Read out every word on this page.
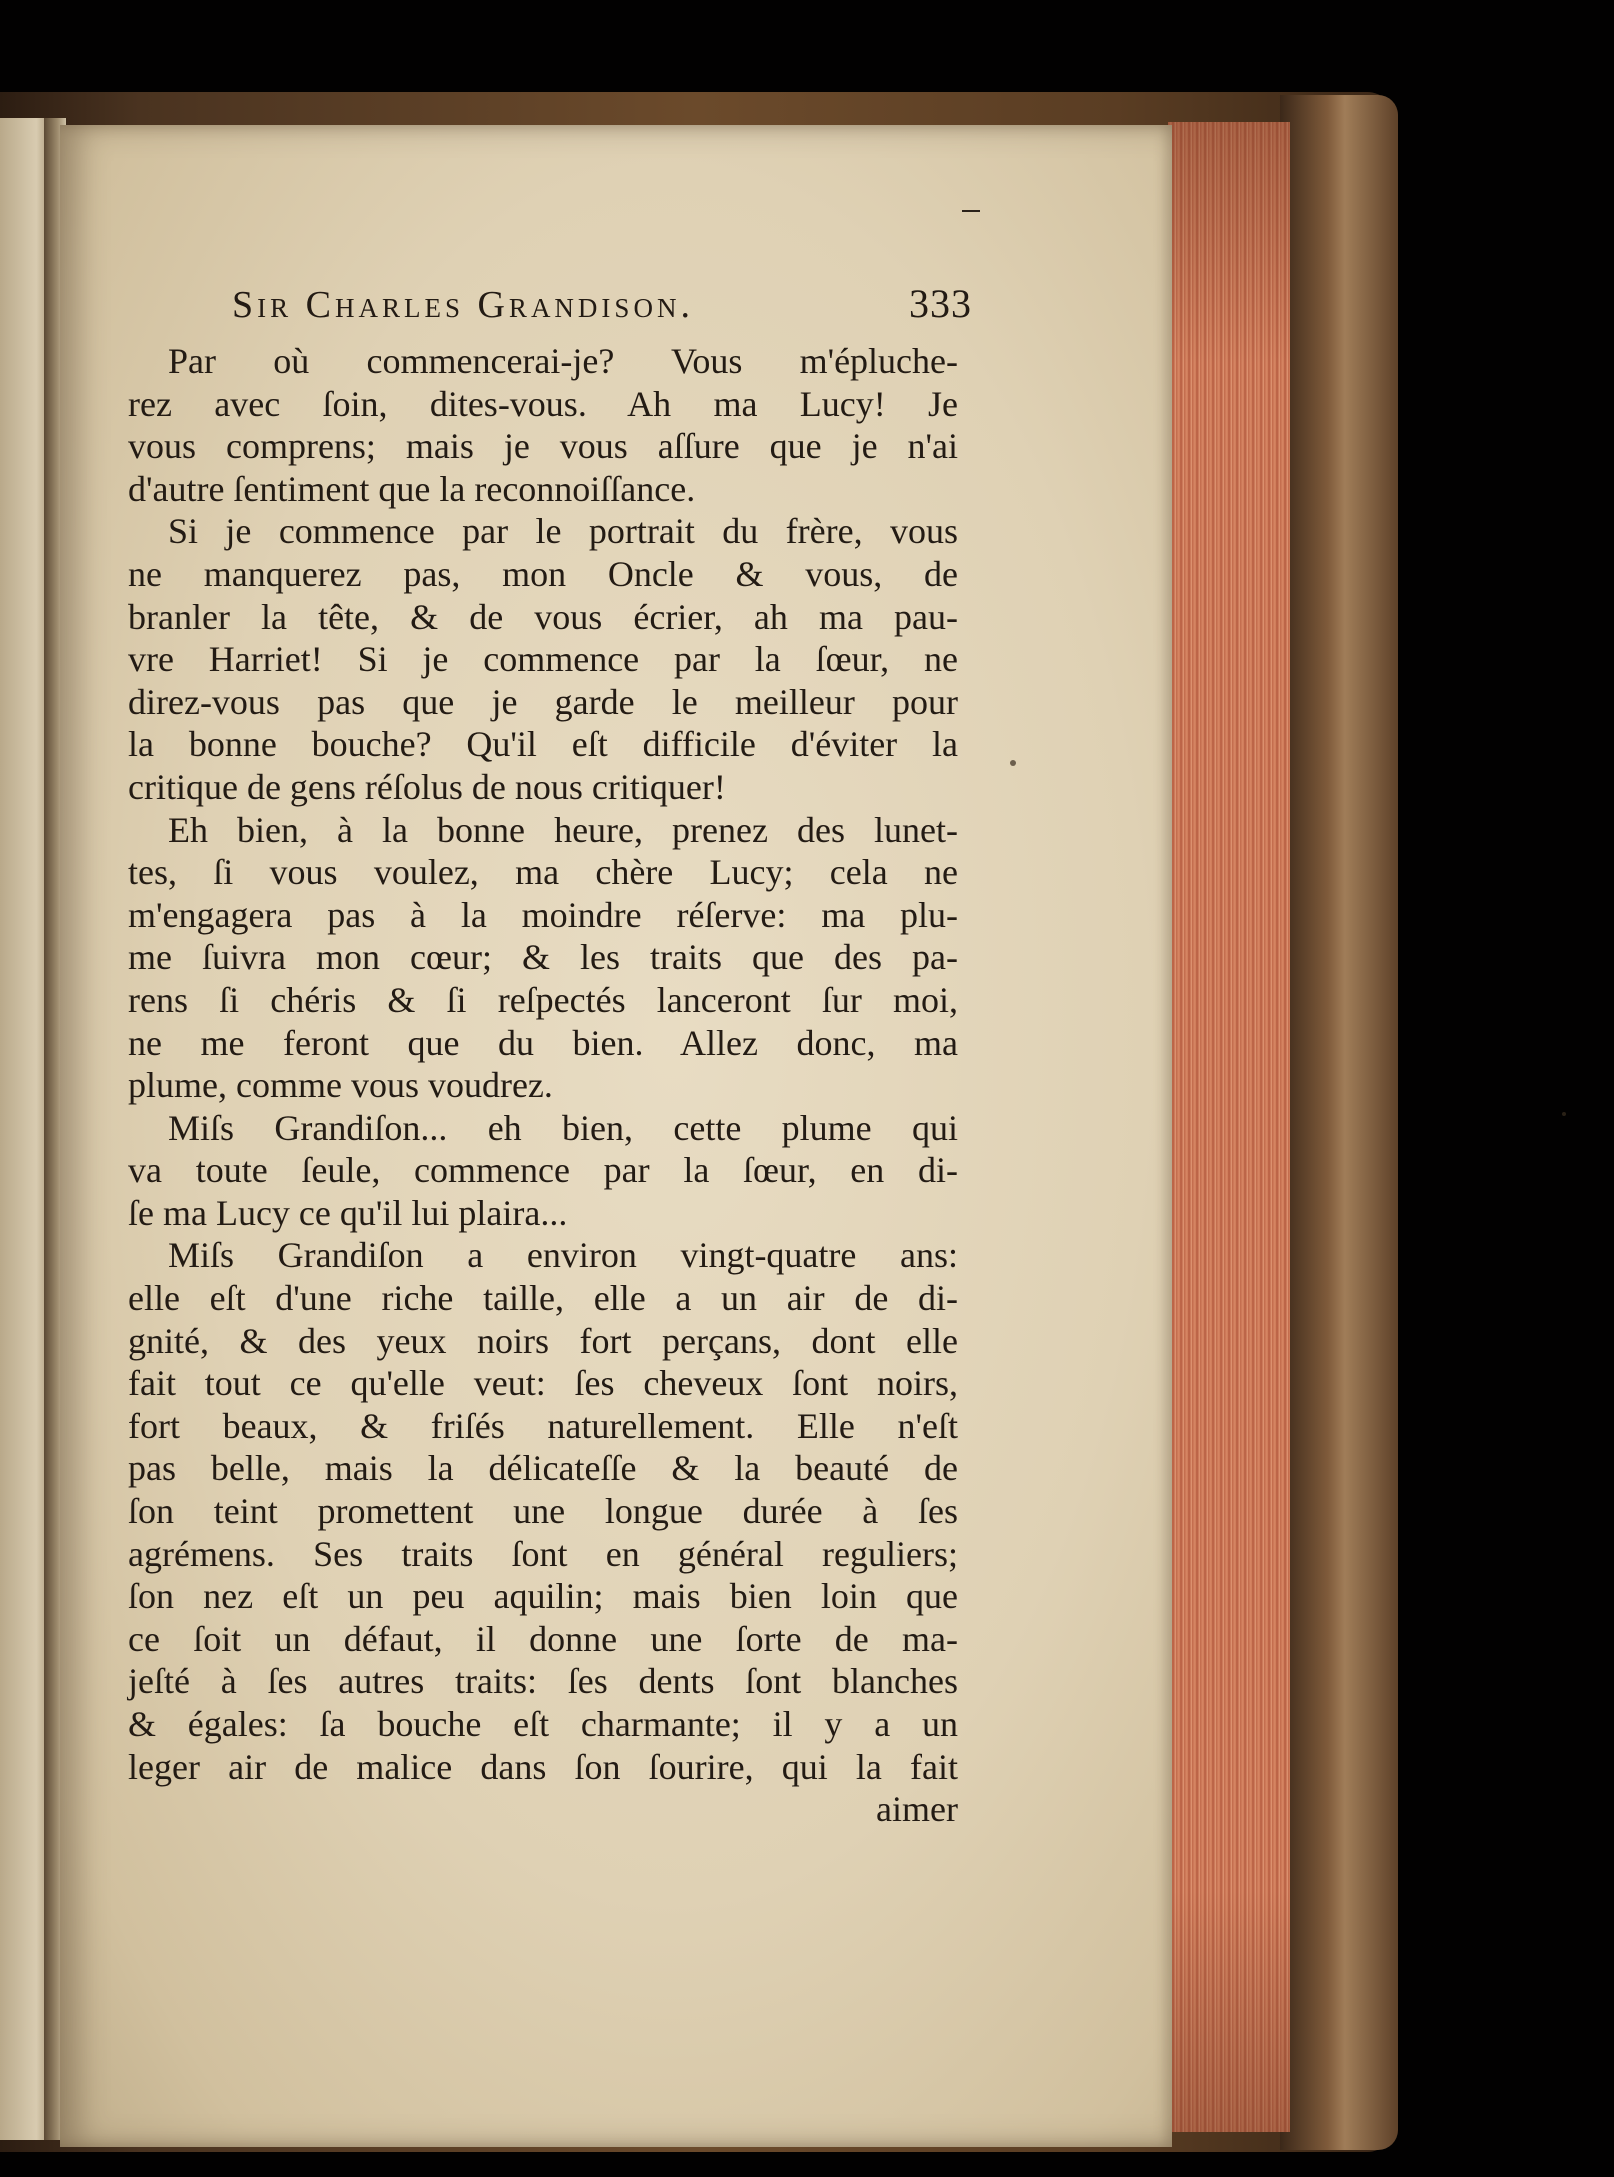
Sir Charles Grandison.	333
Par où commencerai-je? Vous m'épluche-
rez avec ſoin, dites-vous. Ah ma Lucy! Je
vous comprens; mais je vous aſſure que je n'ai
d'autre ſentiment que la reconnoiſſance.
Si je commence par le portrait du frère, vous
ne manquerez pas, mon Oncle & vous, de
branler la tête, & de vous écrier, ah ma pau-
vre Harriet! Si je commence par la ſœur, ne
direz-vous pas que je garde le meilleur pour
la bonne bouche? Qu'il eſt difficile d'éviter la
critique de gens réſolus de nous critiquer!
Eh bien, à la bonne heure, prenez des lunet-
tes, ſi vous voulez, ma chère Lucy; cela ne
m'engagera pas à la moindre réſerve: ma plu-
me ſuivra mon cœur; & les traits que des pa-
rens ſi chéris & ſi reſpectés lanceront ſur moi,
ne me feront que du bien. Allez donc, ma
plume, comme vous voudrez.
Miſs Grandiſon... eh bien, cette plume qui
va toute ſeule, commence par la ſœur, en di-
ſe ma Lucy ce qu'il lui plaira...
Miſs Grandiſon a environ vingt-quatre ans:
elle eſt d'une riche taille, elle a un air de di-
gnité, & des yeux noirs fort perçans, dont elle
fait tout ce qu'elle veut: ſes cheveux ſont noirs,
fort beaux, & friſés naturellement. Elle n'eſt
pas belle, mais la délicateſſe & la beauté de
ſon teint promettent une longue durée à ſes
agrémens. Ses traits ſont en général reguliers;
ſon nez eſt un peu aquilin; mais bien loin que
ce ſoit un défaut, il donne une ſorte de ma-
jeſté à ſes autres traits: ſes dents ſont blanches
& égales: ſa bouche eſt charmante; il y a un
leger air de malice dans ſon ſourire, qui la fait
aimer
